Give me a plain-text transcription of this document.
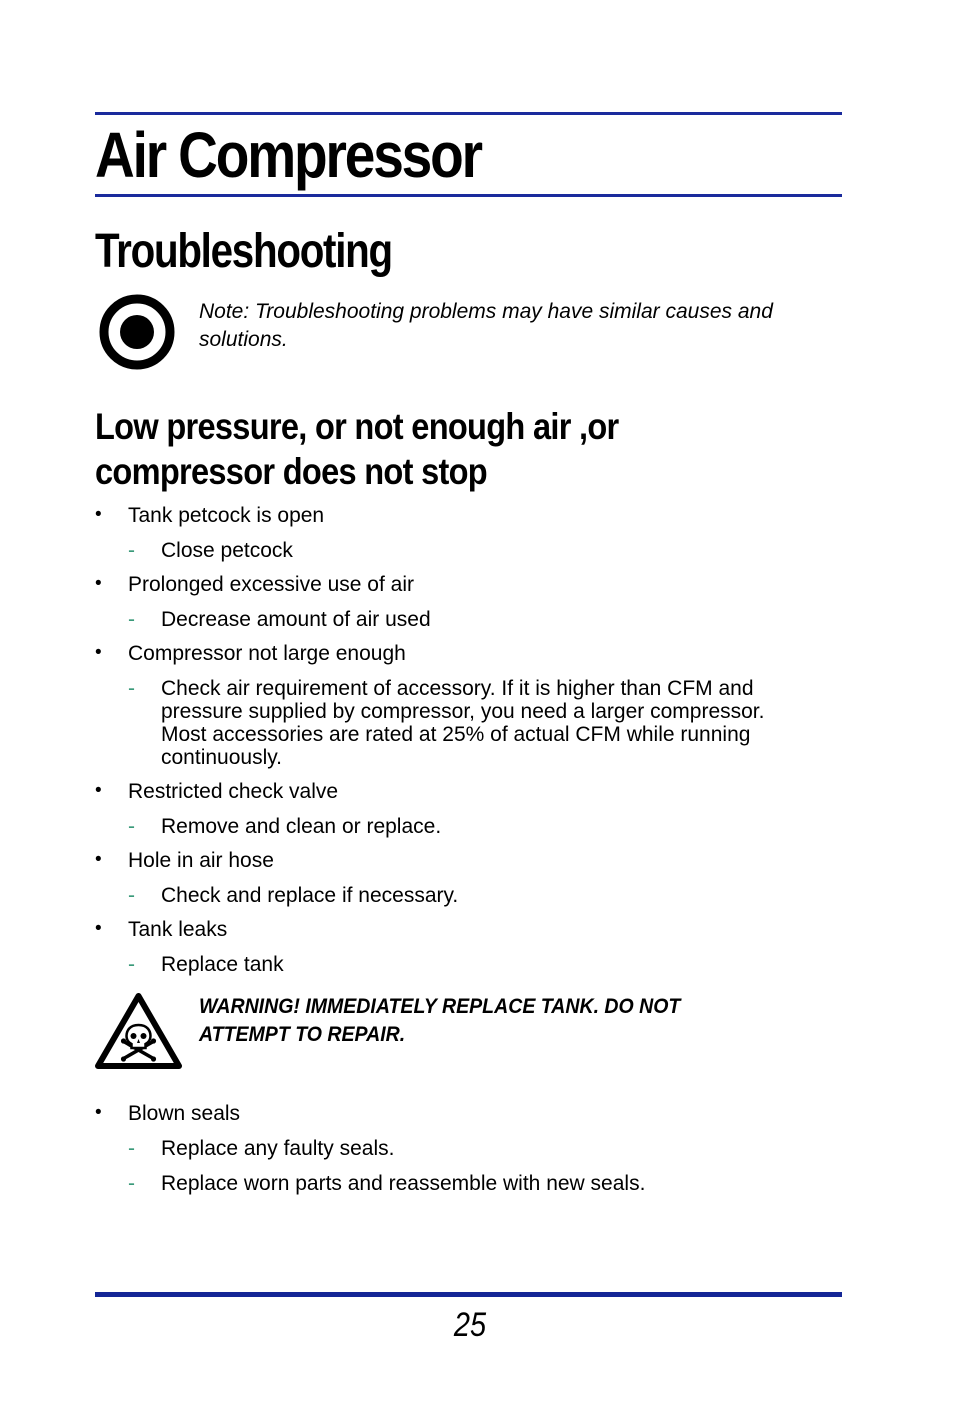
Air Compressor
Troubleshooting
Note: Troubleshooting problems may have similar causes and solutions.
Low pressure, or not enough air ,or compressor does not stop
• Tank petcock is open
- Close petcock
• Prolonged excessive use of air
- Decrease amount of air used
• Compressor not large enough
- Check air requirement of accessory. If it is higher than CFM and pressure supplied by compressor, you need a larger compressor. Most accessories are rated at 25% of actual CFM while running continuously.
• Restricted check valve
- Remove and clean or replace.
• Hole in air hose
- Check and replace if necessary.
• Tank leaks
- Replace tank
WARNING! IMMEDIATELY REPLACE TANK. DO NOT ATTEMPT TO REPAIR.
• Blown seals
- Replace any faulty seals.
- Replace worn parts and reassemble with new seals.
25
